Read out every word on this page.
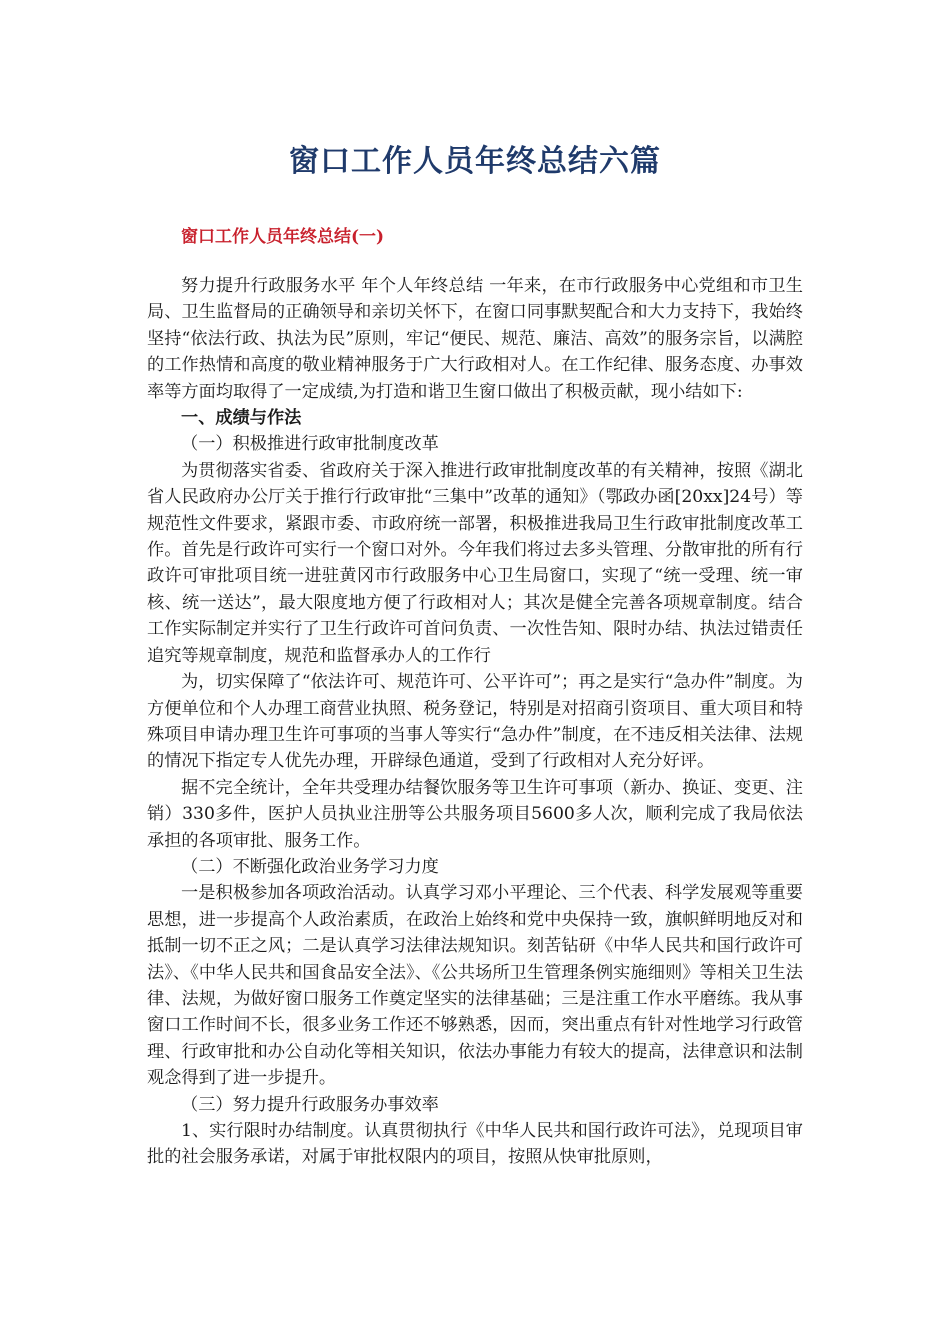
窗口工作人员年终总结六篇
窗口工作人员年终总结(一)

努力提升行政服务水平 年个人年终总结 一年来，在市行政服务中心党组和市卫生局、卫生监督局的正确领导和亲切关怀下，在窗口同事默契配合和大力支持下，我始终坚持“依法行政、执法为民”原则，牢记“便民、规范、廉洁、高效”的服务宗旨，以满腔的工作热情和高度的敬业精神服务于广大行政相对人。在工作纪律、服务态度、办事效率等方面均取得了一定成绩,为打造和谐卫生窗口做出了积极贡献，现小结如下:

一、成绩与作法

（一）积极推进行政审批制度改革

为贯彻落实省委、省政府关于深入推进行政审批制度改革的有关精神，按照《湖北省人民政府办公厅关于推行行政审批“三集中”改革的通知》（鄂政办函[20xx]24号）等规范性文件要求，紧跟市委、市政府统一部署，积极推进我局卫生行政审批制度改革工作。首先是行政许可实行一个窗口对外。今年我们将过去多头管理、分散审批的所有行政许可审批项目统一进驻黄冈市行政服务中心卫生局窗口，实现了“统一受理、统一审核、统一送达”，最大限度地方便了行政相对人；其次是健全完善各项规章制度。结合工作实际制定并实行了卫生行政许可首问负责、一次性告知、限时办结、执法过错责任追究等规章制度，规范和监督承办人的工作行

为，切实保障了“依法许可、规范许可、公平许可”；再之是实行“急办件”制度。为方便单位和个人办理工商营业执照、税务登记，特别是对招商引资项目、重大项目和特殊项目申请办理卫生许可事项的当事人等实行“急办件”制度，在不违反相关法律、法规的情况下指定专人优先办理，开辟绿色通道，受到了行政相对人充分好评。

据不完全统计，全年共受理办结餐饮服务等卫生许可事项（新办、换证、变更、注销）330多件，医护人员执业注册等公共服务项目5600多人次，顺利完成了我局依法承担的各项审批、服务工作。

（二）不断强化政治业务学习力度

一是积极参加各项政治活动。认真学习邓小平理论、三个代表、科学发展观等重要思想，进一步提高个人政治素质，在政治上始终和党中央保持一致，旗帜鲜明地反对和抵制一切不正之风；二是认真学习法律法规知识。刻苦钻研《中华人民共和国行政许可法》、《中华人民共和国食品安全法》、《公共场所卫生管理条例实施细则》等相关卫生法律、法规，为做好窗口服务工作奠定坚实的法律基础；三是注重工作水平磨练。我从事窗口工作时间不长，很多业务工作还不够熟悉，因而，突出重点有针对性地学习行政管理、行政审批和办公自动化等相关知识，依法办事能力有较大的提高，法律意识和法制观念得到了进一步提升。

（三）努力提升行政服务办事效率

1、实行限时办结制度。认真贯彻执行《中华人民共和国行政许可法》，兑现项目审批的社会服务承诺，对属于审批权限内的项目，按照从快审批原则，
